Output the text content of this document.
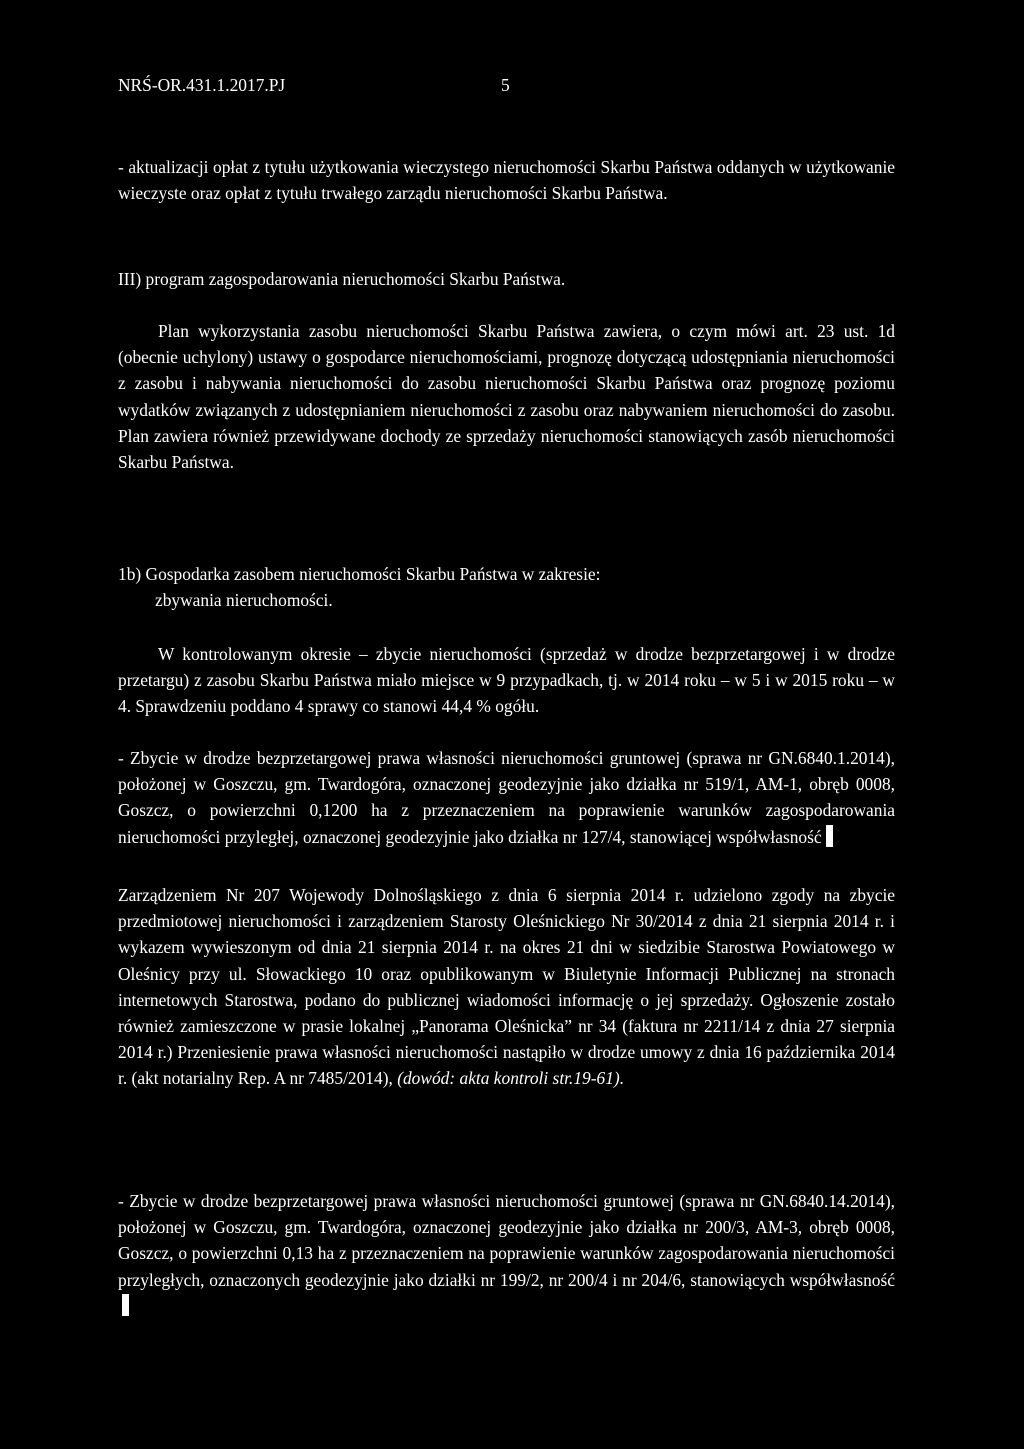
NRŚ-OR.431.1.2017.PJ	5

- aktualizacji opłat z tytułu użytkowania wieczystego nieruchomości Skarbu Państwa oddanych w użytkowanie wieczyste oraz opłat z tytułu trwałego zarządu nieruchomości Skarbu Państwa.

III) program zagospodarowania nieruchomości Skarbu Państwa.

Plan wykorzystania zasobu nieruchomości Skarbu Państwa zawiera, o czym mówi art. 23 ust. 1d (obecnie uchylony) ustawy o gospodarce nieruchomościami, prognozę dotyczącą udostępniania nieruchomości z zasobu i nabywania nieruchomości do zasobu nieruchomości Skarbu Państwa oraz prognozę poziomu wydatków związanych z udostępnianiem nieruchomości z zasobu oraz nabywaniem nieruchomości do zasobu. Plan zawiera również przewidywane dochody ze sprzedaży nieruchomości stanowiących zasób nieruchomości Skarbu Państwa.

1b) Gospodarka zasobem nieruchomości Skarbu Państwa w zakresie:
zbywania nieruchomości.

W kontrolowanym okresie – zbycie nieruchomości (sprzedaż w drodze bezprzetargowej i w drodze przetargu) z zasobu Skarbu Państwa miało miejsce w 9 przypadkach, tj. w 2014 roku – w 5 i w 2015 roku – w 4. Sprawdzeniu poddano 4 sprawy co stanowi 44,4 % ogółu.

- Zbycie w drodze bezprzetargowej prawa własności nieruchomości gruntowej (sprawa nr GN.6840.1.2014), położonej w Goszczu, gm. Twardogóra, oznaczonej geodezyjnie jako działka nr 519/1, AM-1, obręb 0008, Goszcz, o powierzchni 0,1200 ha z przeznaczeniem na poprawienie warunków zagospodarowania nieruchomości przyległej, oznaczonej geodezyjnie jako działka nr 127/4, stanowiącej współwłasność

Zarządzeniem Nr 207 Wojewody Dolnośląskiego z dnia 6 sierpnia 2014 r. udzielono zgody na zbycie przedmiotowej nieruchomości i zarządzeniem Starosty Oleśnickiego Nr 30/2014 z dnia 21 sierpnia 2014 r. i wykazem wywieszonym od dnia 21 sierpnia 2014 r. na okres 21 dni w siedzibie Starostwa Powiatowego w Oleśnicy przy ul. Słowackiego 10 oraz opublikowanym w Biuletynie Informacji Publicznej na stronach internetowych Starostwa, podano do publicznej wiadomości informację o jej sprzedaży. Ogłoszenie zostało również zamieszczone w prasie lokalnej „Panorama Oleśnicka” nr 34 (faktura nr 2211/14 z dnia 27 sierpnia 2014 r.) Przeniesienie prawa własności nieruchomości nastąpiło w drodze umowy z dnia 16 października 2014 r. (akt notarialny Rep. A nr 7485/2014), (dowód: akta kontroli str.19-61).

- Zbycie w drodze bezprzetargowej prawa własności nieruchomości gruntowej (sprawa nr GN.6840.14.2014), położonej w Goszczu, gm. Twardogóra, oznaczonej geodezyjnie jako działka nr 200/3, AM-3, obręb 0008, Goszcz, o powierzchni 0,13 ha z przeznaczeniem na poprawienie warunków zagospodarowania nieruchomości przyległych, oznaczonych geodezyjnie jako działki nr 199/2, nr 200/4 i nr 204/6, stanowiących współwłasność
